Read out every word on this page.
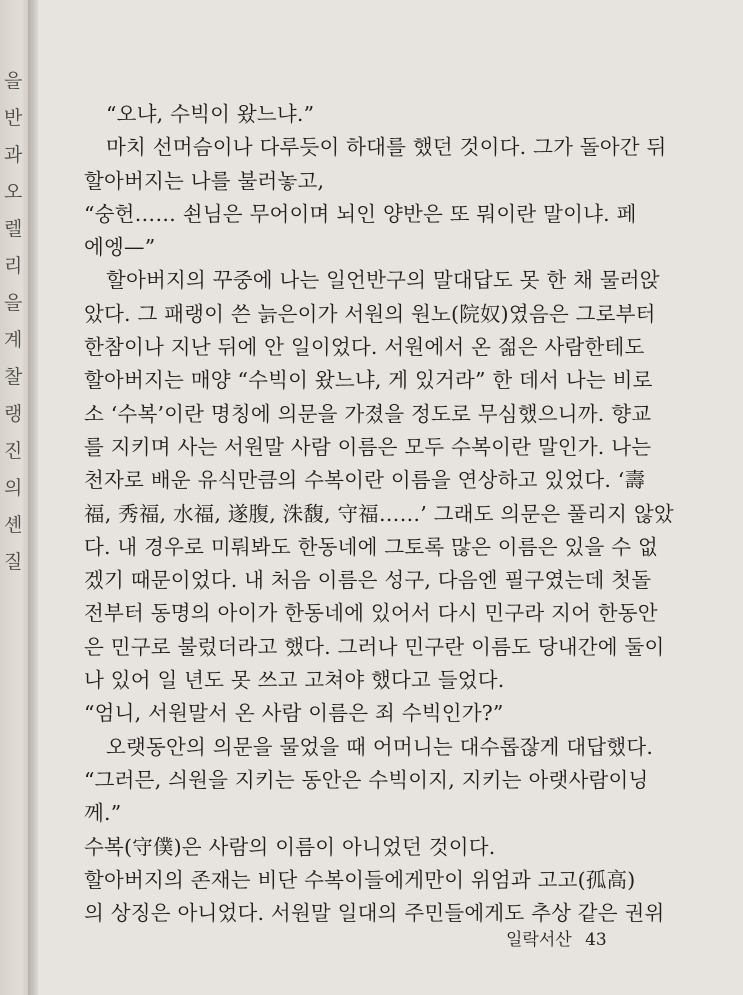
을
반
과
오
렐
리
을
계
찰
랭
진
의
셴
질
ㅤ
“오냐, 수빅이 왔느냐.”
마치 선머슴이나 다루듯이 하대를 했던 것이다. 그가 돌아간 뒤
할아버지는 나를 불러놓고,
“숭헌…… 쇤님은 무어이며 뇌인 양반은 또 뭐이란 말이냐. 페
에엥—”
할아버지의 꾸중에 나는 일언반구의 말대답도 못 한 채 물러앉
았다. 그 패랭이 쓴 늙은이가 서원의 원노(院奴)였음은 그로부터
한참이나 지난 뒤에 안 일이었다. 서원에서 온 젊은 사람한테도
할아버지는 매양 “수빅이 왔느냐, 게 있거라” 한 데서 나는 비로
소 ‘수복’이란 명칭에 의문을 가졌을 정도로 무심했으니까. 향교
를 지키며 사는 서원말 사람 이름은 모두 수복이란 말인가. 나는
천자로 배운 유식만큼의 수복이란 이름을 연상하고 있었다. ‘壽
福, 秀福, 水福, 遂腹, 洙馥, 守福……’ 그래도 의문은 풀리지 않았
다. 내 경우로 미뤄봐도 한동네에 그토록 많은 이름은 있을 수 없
겠기 때문이었다. 내 처음 이름은 성구, 다음엔 필구였는데 첫돌
전부터 동명의 아이가 한동네에 있어서 다시 민구라 지어 한동안
은 민구로 불렀더라고 했다. 그러나 민구란 이름도 당내간에 둘이
나 있어 일 년도 못 쓰고 고쳐야 했다고 들었다.
“엄니, 서원말서 온 사람 이름은 죄 수빅인가?”
오랫동안의 의문을 물었을 때 어머니는 대수롭잖게 대답했다.
“그러믄, 싀원을 지키는 동안은 수빅이지, 지키는 아랫사람이닝
께.”
수복(守僕)은 사람의 이름이 아니었던 것이다.
할아버지의 존재는 비단 수복이들에게만이 위엄과 고고(孤高)
의 상징은 아니었다. 서원말 일대의 주민들에게도 추상 같은 권위
일락서산 43
